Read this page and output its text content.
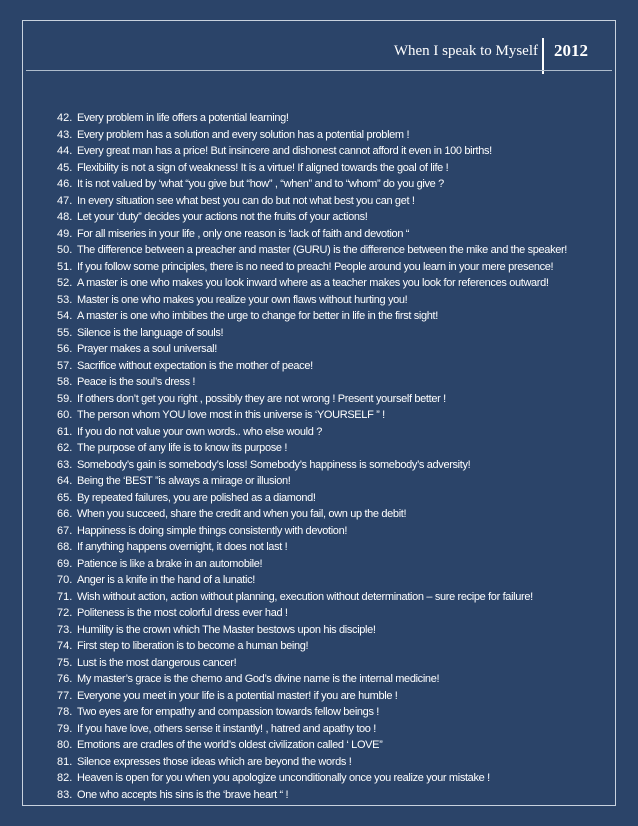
When I speak to Myself 2012
42. Every problem in life offers a potential learning!
43. Every problem has a solution and every solution has a potential problem !
44. Every great man has a price! But insincere and dishonest cannot afford it even in 100 births!
45. Flexibility is not a sign of weakness! It is a virtue! If aligned towards the goal of life !
46. It is not valued by ‘what “you give but “how” , “when” and to “whom” do you give ?
47. In every situation see what best you can do but not what best you can get !
48. Let your ‘duty” decides your actions not the fruits of your actions!
49. For all miseries in your life , only one reason is ‘lack of faith and devotion “
50. The difference between a preacher and master (GURU) is the difference between the mike and the speaker!
51. If you follow some principles, there is no need to preach! People around you learn in your mere presence!
52. A master is one who makes you look inward where as a teacher makes you look for references outward!
53. Master is one who makes you realize your own flaws without hurting you!
54. A master is one who imbibes the urge to change for better in life in the first sight!
55. Silence is the language of souls!
56. Prayer makes a soul universal!
57. Sacrifice without expectation is the mother of peace!
58. Peace is the soul’s dress !
59. If others don’t get you right , possibly they are not wrong ! Present yourself better !
60. The person whom YOU love most in this universe is ‘YOURSELF ” !
61. If you do not value your own words.. who else would ?
62. The purpose of any life is to know its purpose !
63. Somebody’s gain is somebody’s loss! Somebody’s happiness is somebody’s adversity!
64. Being the ‘BEST ”is always a mirage or illusion!
65. By repeated failures, you are polished as a diamond!
66. When you succeed, share the credit and when you fail, own up the debit!
67. Happiness is doing simple things consistently with devotion!
68. If anything happens overnight, it does not last !
69. Patience is like a brake in an automobile!
70. Anger is a knife in the hand of a lunatic!
71. Wish without action, action without planning, execution without determination – sure recipe for failure!
72. Politeness is the most colorful dress ever had !
73. Humility is the crown which The Master bestows upon his disciple!
74. First step to liberation is to become a human being!
75. Lust is the most dangerous cancer!
76. My master’s grace is the chemo and God’s divine name is the internal medicine!
77. Everyone you meet in your life is a potential master! if you are humble !
78. Two eyes are for empathy and compassion towards fellow beings !
79. If you have love, others sense it instantly! , hatred and apathy too !
80. Emotions are cradles of the world’s oldest civilization called ‘ LOVE”
81. Silence expresses those ideas which are beyond the words !
82. Heaven is open for you when you apologize unconditionally once you realize your mistake !
83. One who accepts his sins is the ‘brave heart “ !
